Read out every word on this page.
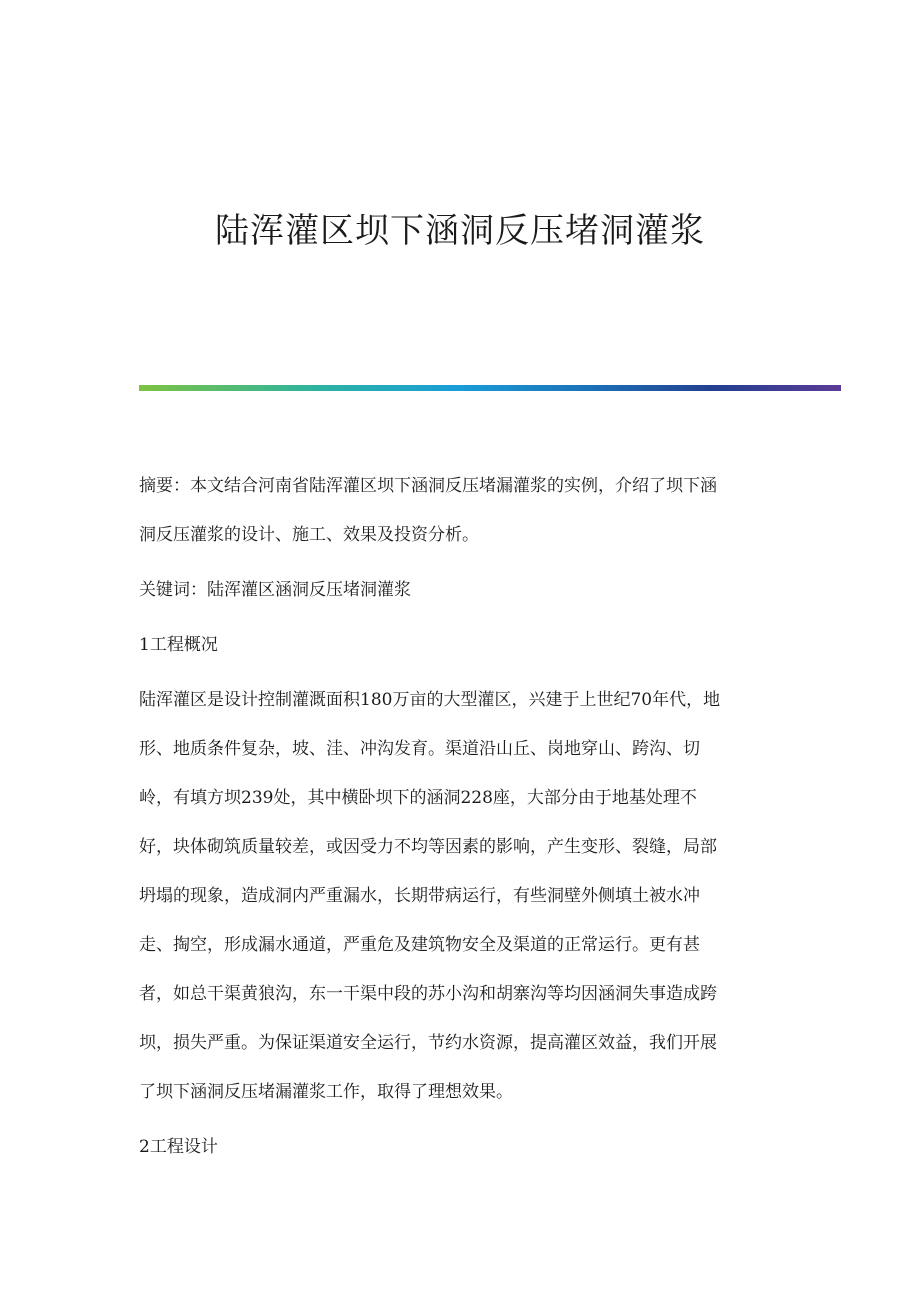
陆浑灌区坝下涵洞反压堵洞灌浆

摘要：本文结合河南省陆浑灌区坝下涵洞反压堵漏灌浆的实例，介绍了坝下涵

洞反压灌浆的设计、施工、效果及投资分析。

关键词：陆浑灌区涵洞反压堵洞灌浆

1工程概况

陆浑灌区是设计控制灌溉面积180万亩的大型灌区，兴建于上世纪70年代，地

形、地质条件复杂，坡、洼、冲沟发育。渠道沿山丘、岗地穿山、跨沟、切

岭，有填方坝239处，其中横卧坝下的涵洞228座，大部分由于地基处理不

好，块体砌筑质量较差，或因受力不均等因素的影响，产生变形、裂缝，局部

坍塌的现象，造成洞内严重漏水，长期带病运行，有些洞壁外侧填土被水冲

走、掏空，形成漏水通道，严重危及建筑物安全及渠道的正常运行。更有甚

者，如总干渠黄狼沟，东一干渠中段的苏小沟和胡寨沟等均因涵洞失事造成跨

坝，损失严重。为保证渠道安全运行，节约水资源，提高灌区效益，我们开展

了坝下涵洞反压堵漏灌浆工作，取得了理想效果。

2工程设计
